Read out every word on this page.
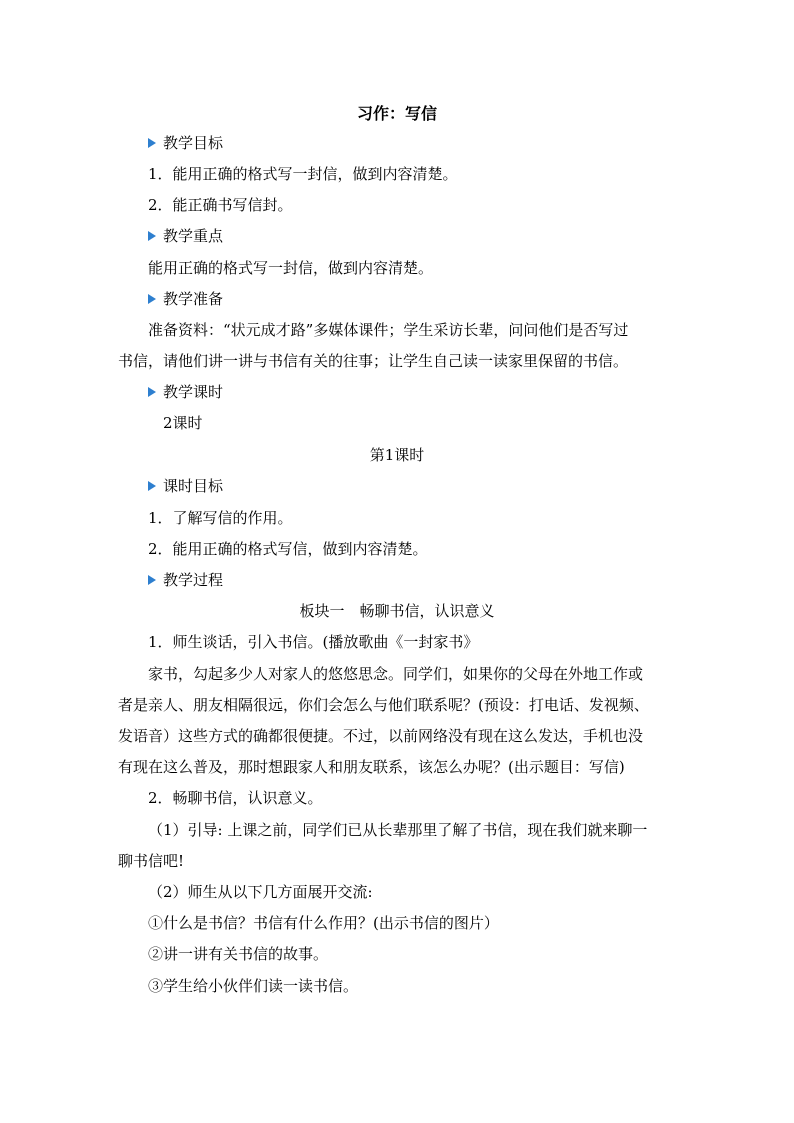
习作：写信
教学目标
1．能用正确的格式写一封信，做到内容清楚。
2．能正确书写信封。
教学重点
能用正确的格式写一封信，做到内容清楚。
教学准备
准备资料：“状元成才路”多媒体课件；学生采访长辈，问问他们是否写过
书信，请他们讲一讲与书信有关的往事；让学生自己读一读家里保留的书信。
教学课时
2课时
第1课时
课时目标
1．了解写信的作用。
2．能用正确的格式写信，做到内容清楚。
教学过程
板块一　畅聊书信，认识意义
1．师生谈话，引入书信。(播放歌曲《一封家书》
家书，勾起多少人对家人的悠悠思念。同学们，如果你的父母在外地工作或
者是亲人、朋友相隔很远，你们会怎么与他们联系呢？(预设：打电话、发视频、
发语音）这些方式的确都很便捷。不过，以前网络没有现在这么发达，手机也没
有现在这么普及，那时想跟家人和朋友联系，该怎么办呢？(出示题目：写信)
2．畅聊书信，认识意义。
（1）引导: 上课之前，同学们已从长辈那里了解了书信，现在我们就来聊一
聊书信吧!
（2）师生从以下几方面展开交流:
①什么是书信？书信有什么作用？(出示书信的图片）
②讲一讲有关书信的故事。
③学生给小伙伴们读一读书信。
